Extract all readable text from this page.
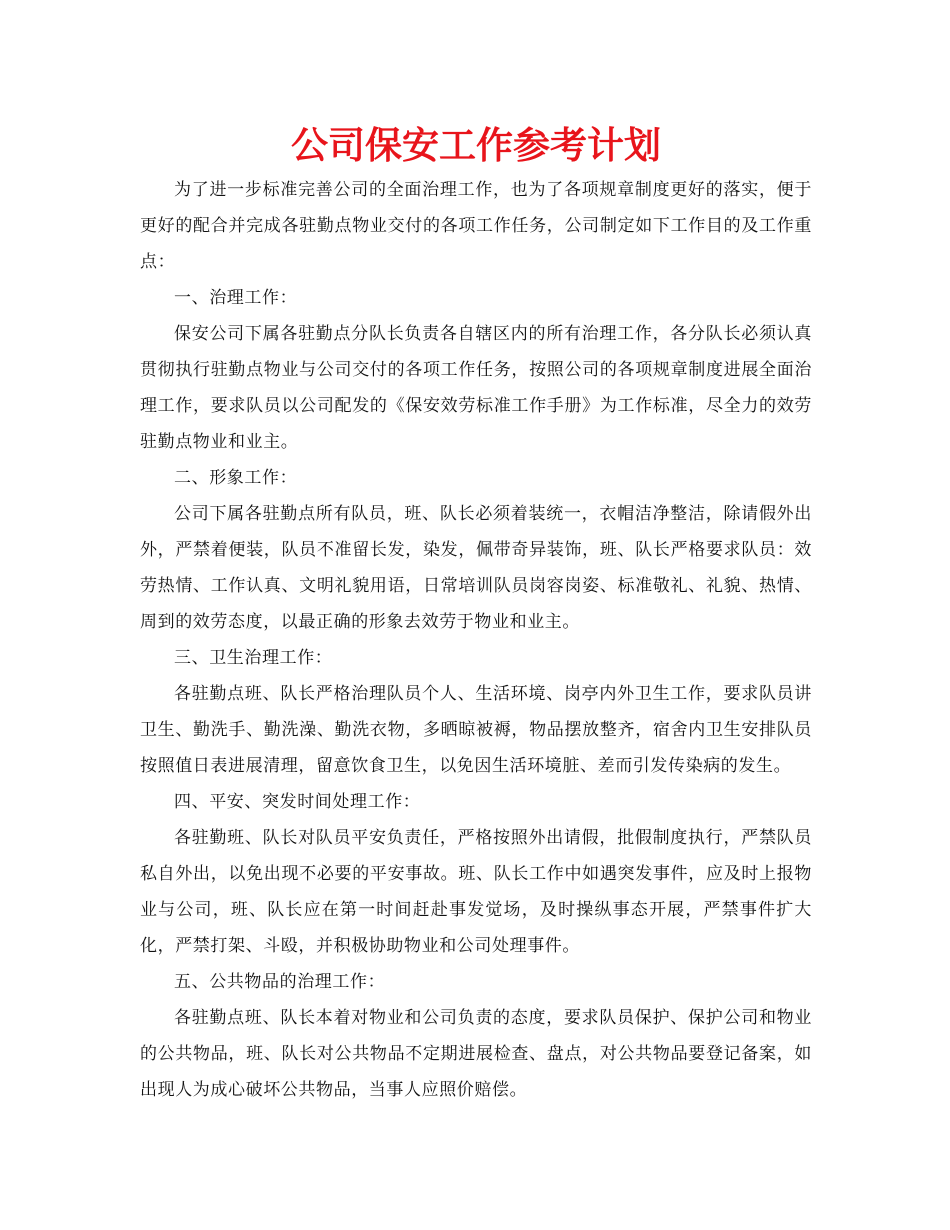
公司保安工作参考计划

为了进一步标准完善公司的全面治理工作，也为了各项规章制度更好的落实，便于更好的配合并完成各驻勤点物业交付的各项工作任务，公司制定如下工作目的及工作重点：

一、治理工作：

保安公司下属各驻勤点分队长负责各自辖区内的所有治理工作，各分队长必须认真贯彻执行驻勤点物业与公司交付的各项工作任务，按照公司的各项规章制度进展全面治理工作，要求队员以公司配发的《保安效劳标准工作手册》为工作标准，尽全力的效劳驻勤点物业和业主。

二、形象工作：

公司下属各驻勤点所有队员，班、队长必须着装统一，衣帽洁净整洁，除请假外出外，严禁着便装，队员不准留长发，染发，佩带奇异装饰，班、队长严格要求队员：效劳热情、工作认真、文明礼貌用语，日常培训队员岗容岗姿、标准敬礼、礼貌、热情、周到的效劳态度，以最正确的形象去效劳于物业和业主。

三、卫生治理工作：

各驻勤点班、队长严格治理队员个人、生活环境、岗亭内外卫生工作，要求队员讲卫生、勤洗手、勤洗澡、勤洗衣物，多晒晾被褥，物品摆放整齐，宿舍内卫生安排队员按照值日表进展清理，留意饮食卫生，以免因生活环境脏、差而引发传染病的发生。

四、平安、突发时间处理工作：

各驻勤班、队长对队员平安负责任，严格按照外出请假，批假制度执行，严禁队员私自外出，以免出现不必要的平安事故。班、队长工作中如遇突发事件，应及时上报物业与公司，班、队长应在第一时间赶赴事发觉场，及时操纵事态开展，严禁事件扩大化，严禁打架、斗殴，并积极协助物业和公司处理事件。

五、公共物品的治理工作：

各驻勤点班、队长本着对物业和公司负责的态度，要求队员保护、保护公司和物业的公共物品，班、队长对公共物品不定期进展检查、盘点，对公共物品要登记备案，如出现人为成心破坏公共物品，当事人应照价赔偿。
